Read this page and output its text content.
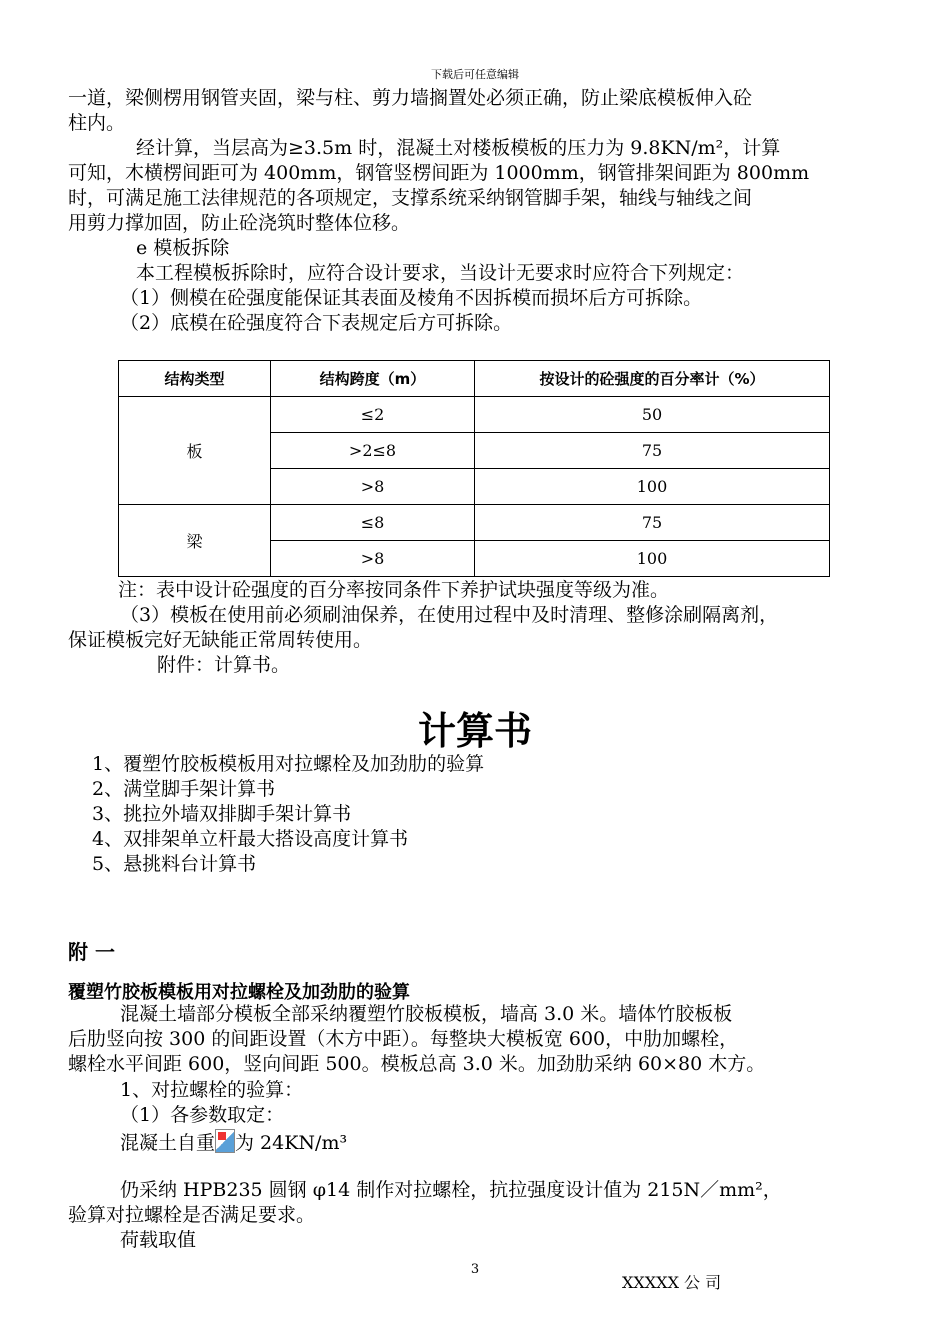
下载后可任意编辑
一道，梁侧楞用钢管夹固，梁与柱、剪力墙搁置处必须正确，防止梁底模板伸入砼
柱内。
经计算，当层高为≥3.5m 时，混凝土对楼板模板的压力为 9.8KN/m²，计算
可知，木横楞间距可为 400mm，钢管竖楞间距为 1000mm，钢管排架间距为 800mm
时，可满足施工法律规范的各项规定，支撑系统采纳钢管脚手架，轴线与轴线之间
用剪力撑加固，防止砼浇筑时整体位移。
e 模板拆除
本工程模板拆除时，应符合设计要求，当设计无要求时应符合下列规定：
（1）侧模在砼强度能保证其表面及棱角不因拆模而损坏后方可拆除。
（2）底模在砼强度符合下表规定后方可拆除。
结构类型	结构跨度（m）	按设计的砼强度的百分率计（%）
板	≤2	50
	>2≤8	75
	>8	100
梁	≤8	75
	>8	100
注：表中设计砼强度的百分率按同条件下养护试块强度等级为准。
（3）模板在使用前必须刷油保养，在使用过程中及时清理、整修涂刷隔离剂，
保证模板完好无缺能正常周转使用。
附件：计算书。
计算书
1、覆塑竹胶板模板用对拉螺栓及加劲肋的验算
2、满堂脚手架计算书
3、挑拉外墙双排脚手架计算书
4、双排架单立杆最大搭设高度计算书
5、悬挑料台计算书
附 一
覆塑竹胶板模板用对拉螺栓及加劲肋的验算
混凝土墙部分模板全部采纳覆塑竹胶板模板，墙高 3.0 米。墙体竹胶板板
后肋竖向按 300 的间距设置（木方中距）。每整块大模板宽 600，中肋加螺栓，
螺栓水平间距 600，竖向间距 500。模板总高 3.0 米。加劲肋采纳 60×80 木方。
1、对拉螺栓的验算：
（1）各参数取定：
混凝土自重 为 24KN/m³
仍采纳 HPB235 圆钢 φ14 制作对拉螺栓，抗拉强度设计值为 215N／mm²，
验算对拉螺栓是否满足要求。
荷载取值
3
XXXXX 公 司
